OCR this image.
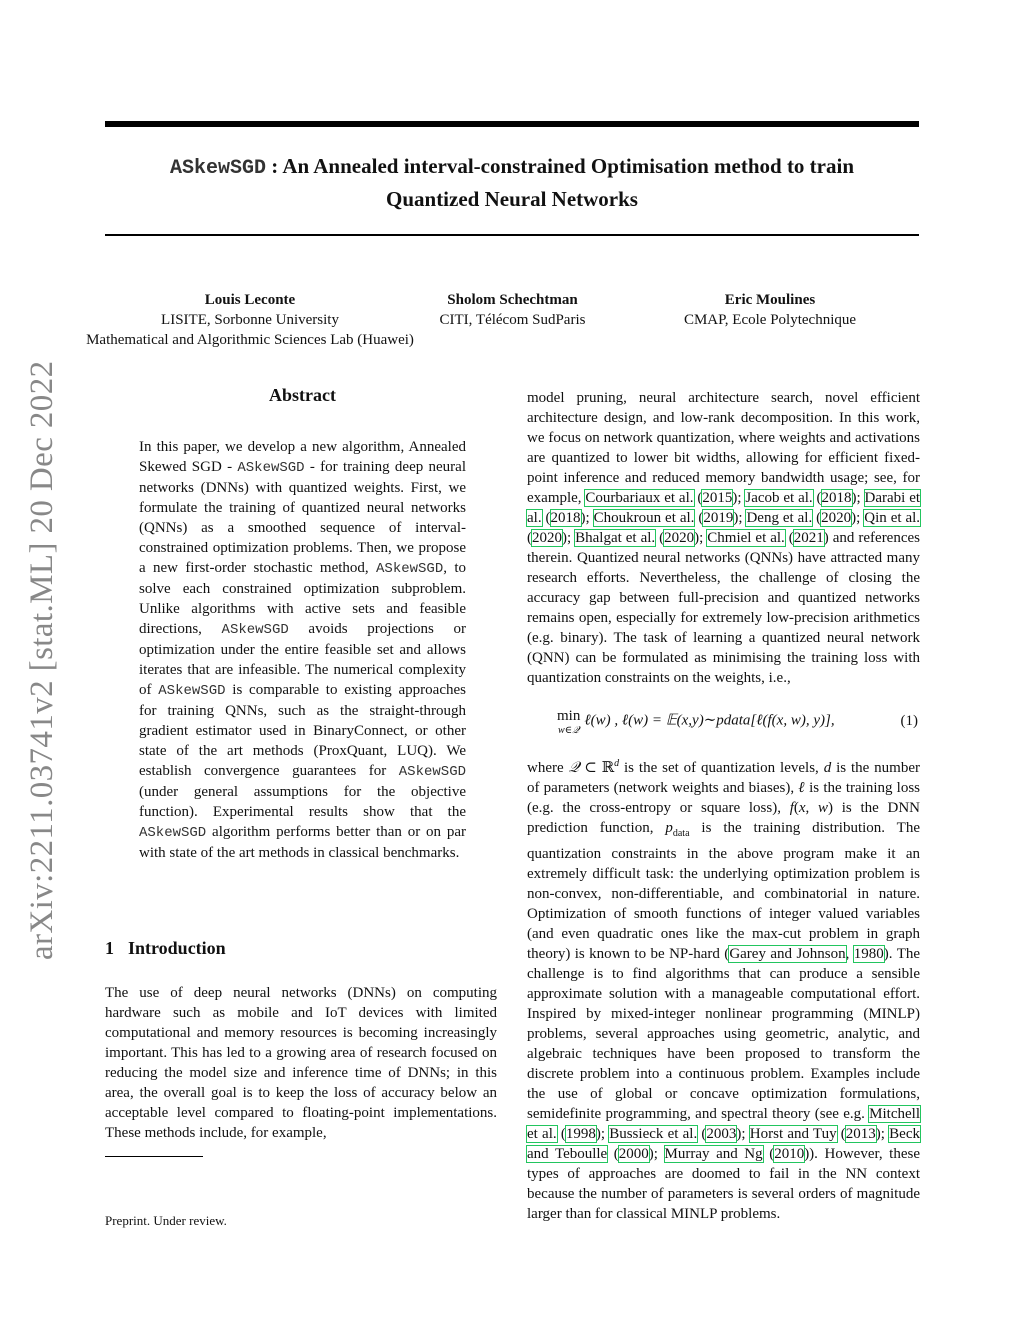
ASkewSGD : An Annealed interval-constrained Optimisation method to train
Quantized Neural Networks
Louis Leconte
LISITE, Sorbonne University
Mathematical and Algorithmic Sciences Lab (Huawei)
Sholom Schechtman
CITI, Télécom SudParis
Eric Moulines
CMAP, Ecole Polytechnique
arXiv:2211.03741v2 [stat.ML] 20 Dec 2022	Abstract
In this paper, we develop a new algorithm, Annealed Skewed SGD - ASkewSGD - for training deep neural networks (DNNs) with quantized weights. First, we formulate the training of quantized neural networks (QNNs) as a smoothed sequence of interval-constrained optimization problems. Then, we propose a new first-order stochastic method, ASkewSGD, to solve each constrained optimization subproblem. Unlike algorithms with active sets and feasible directions, ASkewSGD avoids projections or optimization under the entire feasible set and allows iterates that are infeasible. The numerical complexity of ASkewSGD is comparable to existing approaches for training QNNs, such as the straight-through gradient estimator used in BinaryConnect, or other state of the art methods (ProxQuant, LUQ). We establish convergence guarantees for ASkewSGD (under general assumptions for the objective function). Experimental results show that the ASkewSGD algorithm performs better than or on par with state of the art methods in classical benchmarks.
1 Introduction
The use of deep neural networks (DNNs) on computing hardware such as mobile and IoT devices with limited computational and memory resources is becoming increasingly important. This has led to a growing area of research focused on reducing the model size and inference time of DNNs; in this area, the overall goal is to keep the loss of accuracy below an acceptable level compared to floating-point implementations. These methods include, for example,
Preprint. Under review.

model pruning, neural architecture search, novel efficient architecture design, and low-rank decomposition. In this work, we focus on network quantization, where weights and activations are quantized to lower bit widths, allowing for efficient fixed-point inference and reduced memory bandwidth usage; see, for example, Courbariaux et al. (2015); Jacob et al. (2018); Darabi et al. (2018); Choukroun et al. (2019); Deng et al. (2020); Qin et al. (2020); Bhalgat et al. (2020); Chmiel et al. (2021) and references therein. Quantized neural networks (QNNs) have attracted many research efforts. Nevertheless, the challenge of closing the accuracy gap between full-precision and quantized networks remains open, especially for extremely low-precision arithmetics (e.g. binary). The task of learning a quantized neural network (QNN) can be formulated as minimising the training loss with quantization constraints on the weights, i.e.,

min
w∈𝒬
ℓ(w) , ℓ(w) = 𝔼(x,y)∼pdata[ℓ(f(x, w), y)],	(1)

where 𝒬 ⊂ ℝ$^d$ is the set of quantization levels, d is the number of parameters (network weights and biases), ℓ is the training loss (e.g. the cross-entropy or square loss), f(x, w) is the DNN prediction function, $p_{data}$ is the training distribution. The quantization constraints in the above program make it an extremely difficult task: the underlying optimization problem is non-convex, non-differentiable, and combinatorial in nature. Optimization of smooth functions of integer valued variables (and even quadratic ones like the max-cut problem in graph theory) is known to be NP-hard (Garey and Johnson, 1980). The challenge is to find algorithms that can produce a sensible approximate solution with a manageable computational effort. Inspired by mixed-integer nonlinear programming (MINLP) problems, several approaches using geometric, analytic, and algebraic techniques have been proposed to transform the discrete problem into a continuous problem. Examples include the use of global or concave optimization formulations, semidefinite programming, and spectral theory (see e.g. Mitchell et al. (1998); Bussieck et al. (2003); Horst and Tuy (2013); Beck and Teboulle (2000); Murray and Ng (2010)). However, these types of approaches are doomed to fail in the NN context because the number of parameters is several orders of magnitude larger than for classical MINLP problems.
